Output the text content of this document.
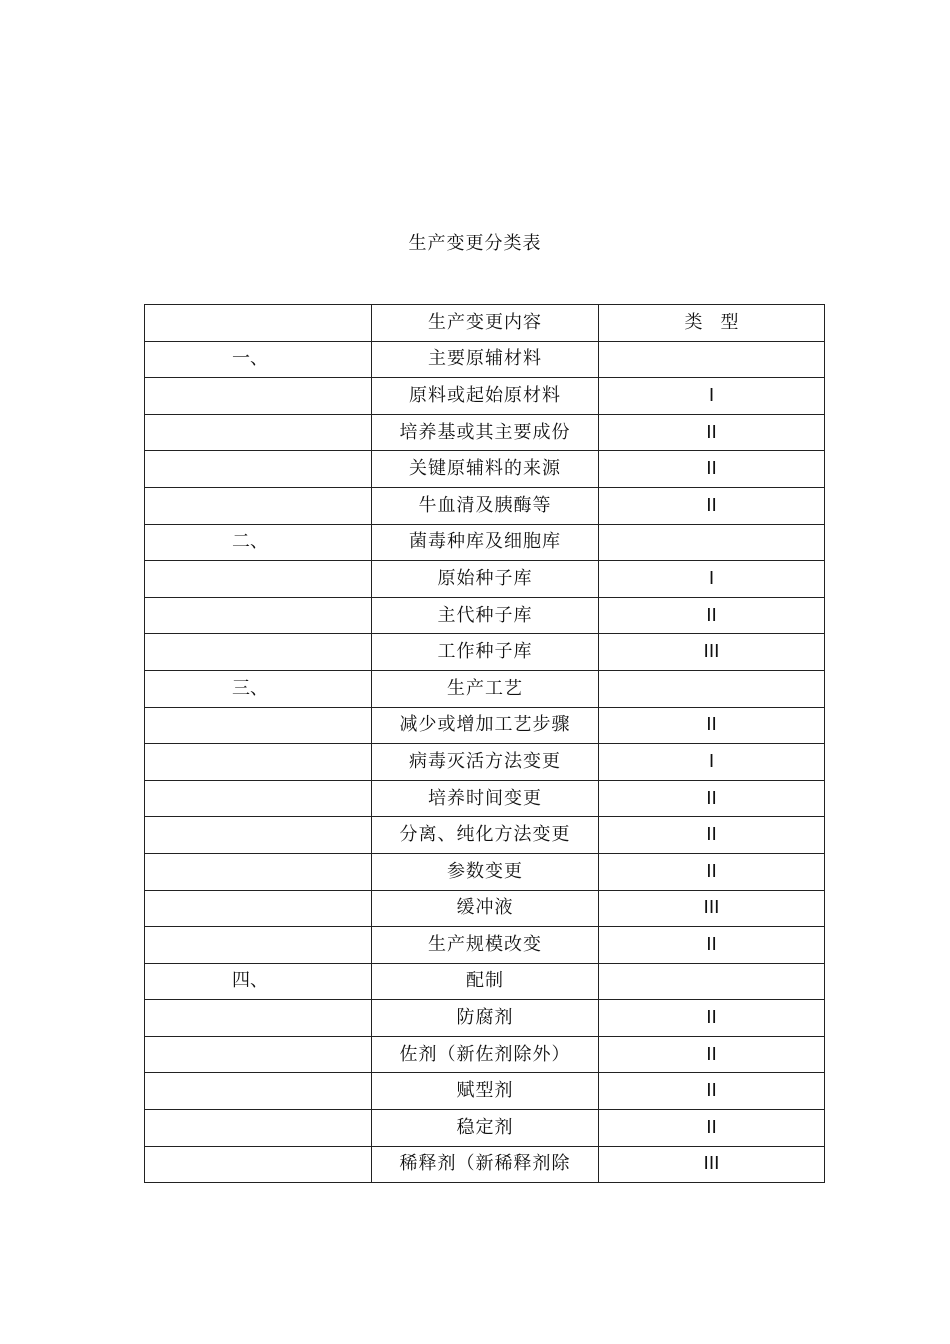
生产变更分类表
	生产变更内容	类　型
一、	主要原辅材料	
	原料或起始原材料	I
	培养基或其主要成份	II
	关键原辅料的来源	II
	牛血清及胰酶等	II
二、	菌毒种库及细胞库	
	原始种子库	I
	主代种子库	II
	工作种子库	III
三、	生产工艺	
	减少或增加工艺步骤	II
	病毒灭活方法变更	I
	培养时间变更	II
	分离、纯化方法变更	II
	参数变更	II
	缓冲液	III
	生产规模改变	II
四、	配制	
	防腐剂	II
	佐剂（新佐剂除外）	II
	赋型剂	II
	稳定剂	II
	稀释剂（新稀释剂除	III
